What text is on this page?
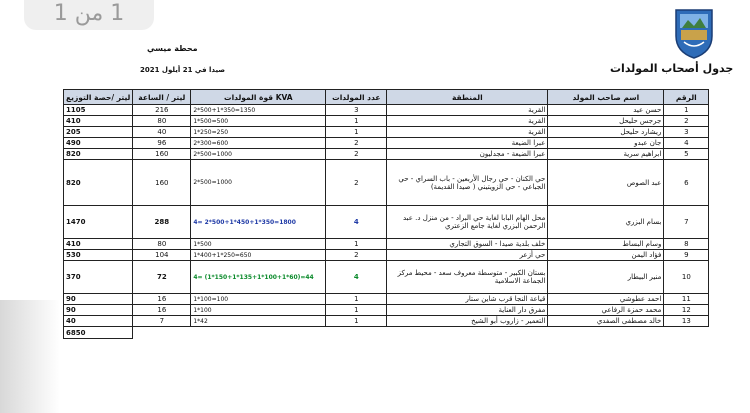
1 من 1
جدول أصحاب المولدات
محطة ميسي
صيدا في 21 أيلول 2021
ليتر /حصة التوزيع	ليتر / الساعة	قوة المولدات KVA	عدد المولدات	المنطقة	اسم صاحب المولد	الرقم
1105	216	2*500+1*350=1350	3	القرية	حسن عيد	1
410	80	1*500=500	1	القرية	جرجس حليحل	2
205	40	1*250=250	1	القرية	ريشارد حليحل	3
490	96	2*300=600	2	عبرا الضيعة	جان عبدو	4
820	160	2*500=1000	2	عبرا الضيعة - مجدليون	ابراهيم سرية	5
820	160	2*500=1000	2	حي الكنان - حي رجال الأربعين - باب السراي - حي الجباعي - حي الزويتيني ( صيدا القديمة)	عبد الصوص	6
1470	288	4= 2*500+1*450+1*350=1800	4	محل الهام البابا لغاية حي البراد - من منزل د. عبد الرحمن البزري لغاية جامع الزعتري	بسام البزري	7
410	80	1*500	1	خلف بلدية صيدا - السوق التجاري	وسام البساط	8
530	104	1*400+1*250=650	2	حي أزعر	فؤاد اليمن	9
370	72	4= (1*150+1*135+1*100+1*60)=44	4	بستان الكبير - متوسطة معروف سعد - محيط مركز الجماعة الاسلامية	منير البيطار	10
90	16	1*100=100	1	قياعة النجا قرب شاين ستار	احمد عطوشي	11
90	16	1*100	1	مفرق دار العناية	محمد حمزة الرفاعي	12
40	7	1*42	1	التعمير - زاروب أبو الشيخ	خالد مصطفى الصفدي	13
6850						
